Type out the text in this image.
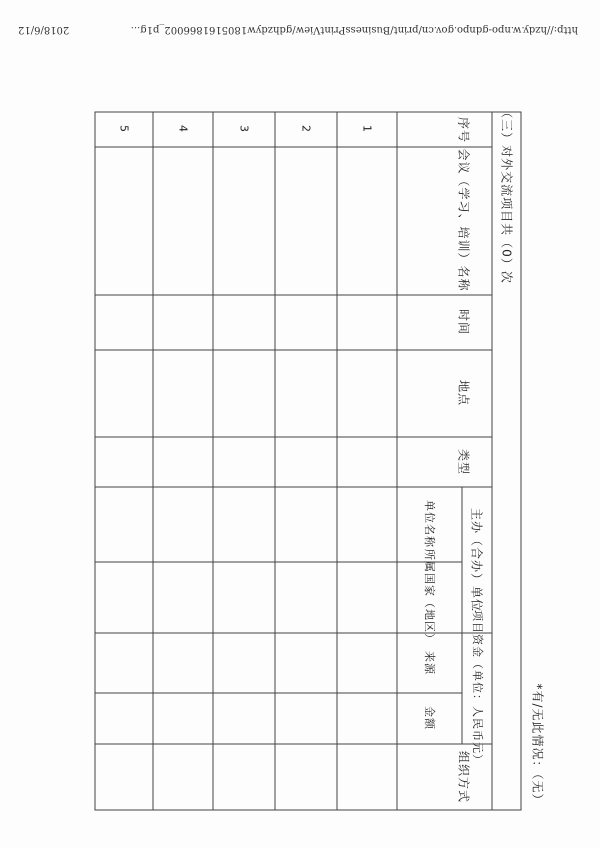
http://hzdy.w.npo-gdnpo.gov.cn/print/BusinessPrintView/gdhzdyw1805161866002_p1g...
2018/6/12
（三）对外交流项目共（0）次
*有/无此情况：（无）
序号
会议（学习、培训）名称
时间
地点
类型
主办（合办）单位
单位名称
所属国家（地区）
项目资金（单位：人民币元）
来源
金额
组织方式
1
2
3
4
5
